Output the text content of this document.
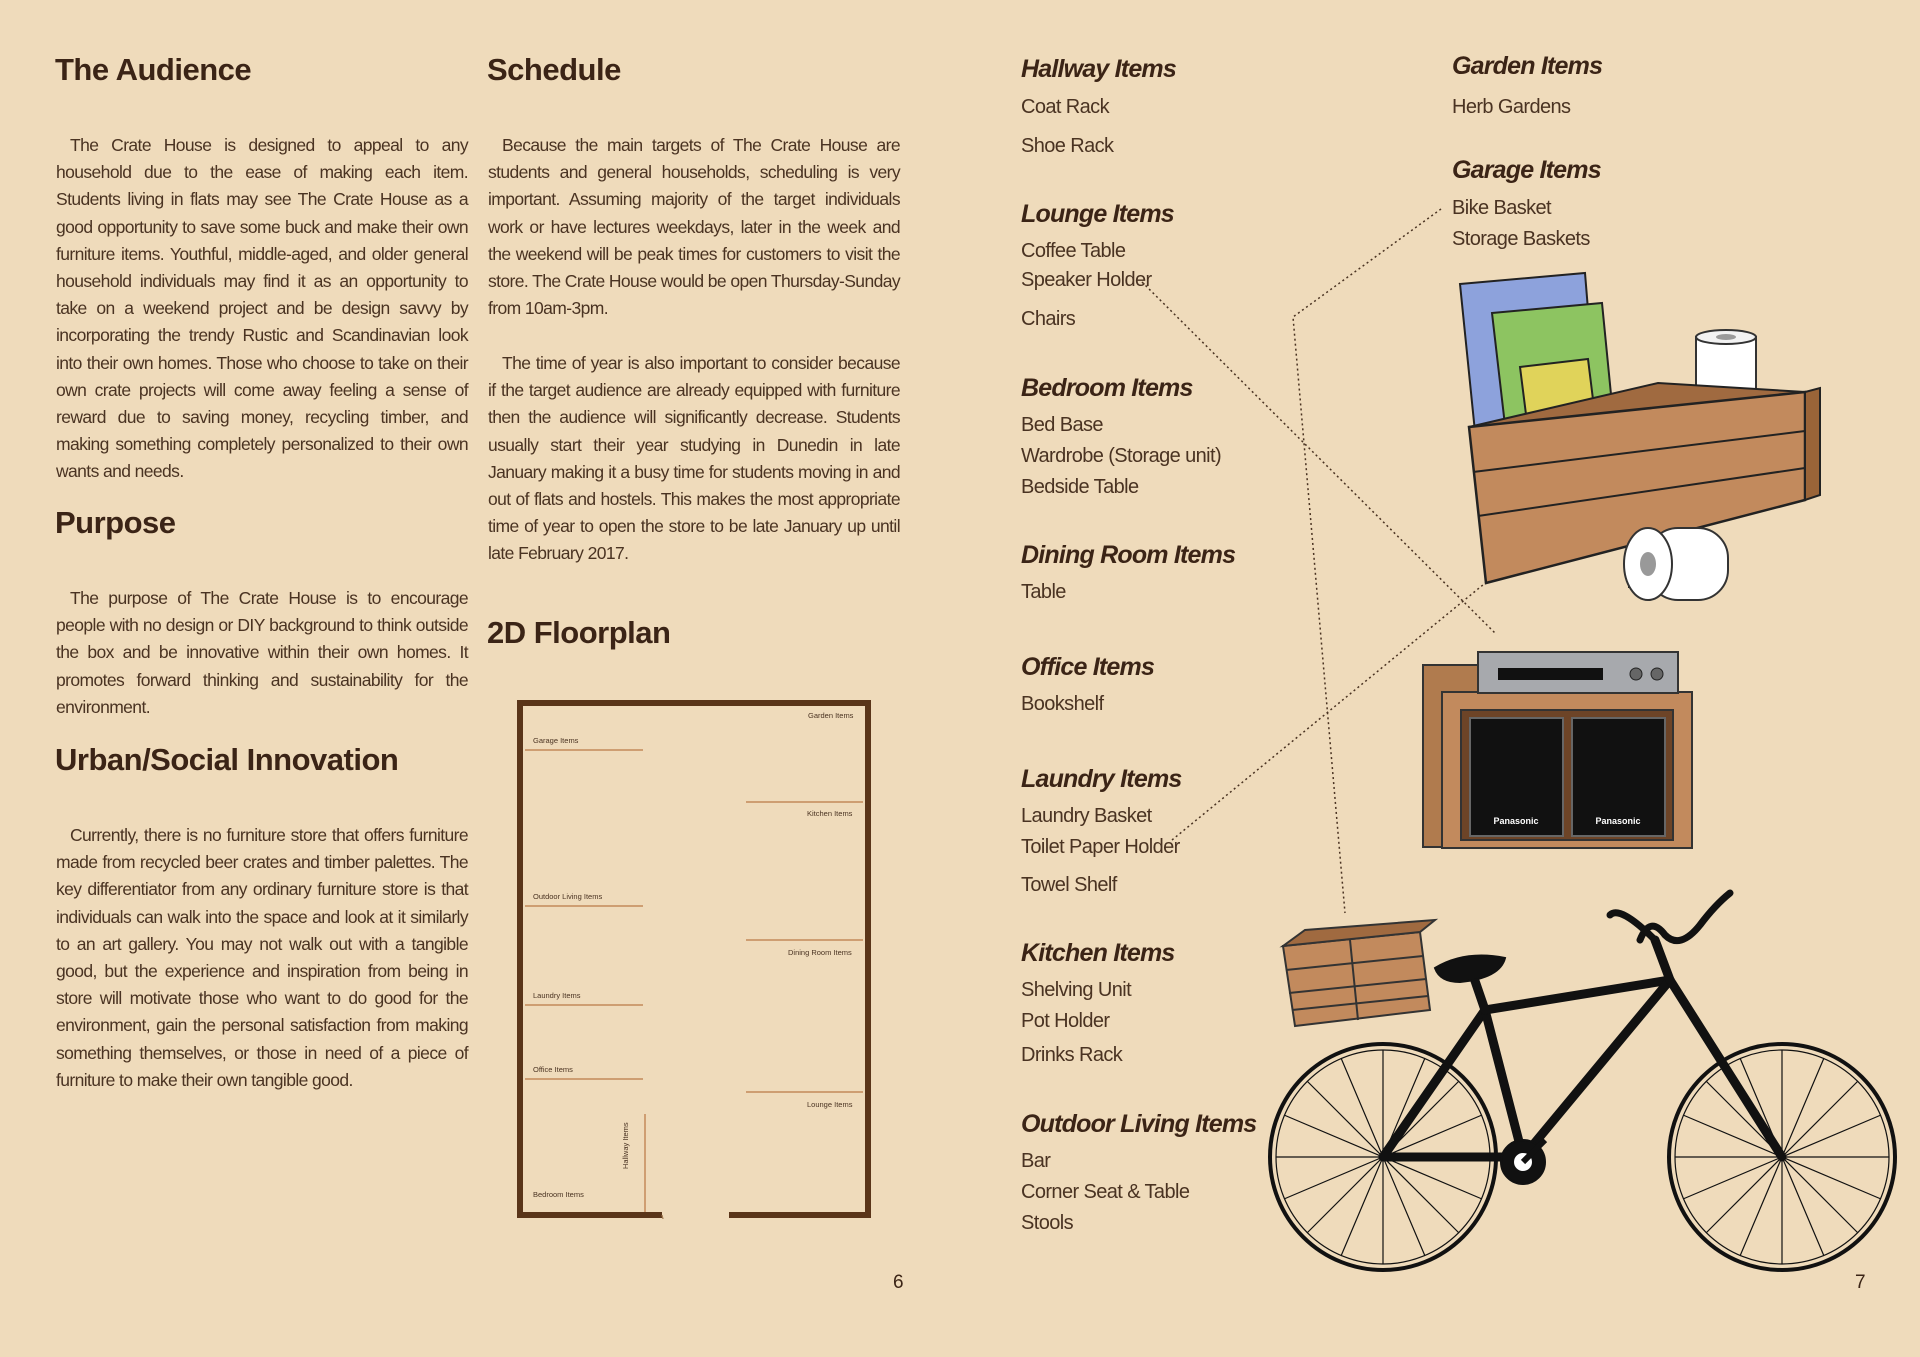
The Audience

The Crate House is designed to appeal to any household due to the ease of making each item. Students living in flats may see The Crate House as a good opportunity to save some buck and make their own furniture items. Youthful, middle-aged, and older general household individuals may find it as an opportunity to take on a weekend project and be design savvy by incorporating the trendy Rustic and Scandinavian look into their own homes. Those who choose to take on their own crate projects will come away feeling a sense of reward due to saving money, recycling timber, and making something completely personalized to their own wants and needs.

Purpose

The purpose of The Crate House is to encourage people with no design or DIY background to think outside the box and be innovative within their own homes. It promotes forward thinking and sustainability for the environment.

Urban/Social Innovation

Currently, there is no furniture store that offers furniture made from recycled beer crates and timber palettes. The key differentiator from any ordinary furniture store is that individuals can walk into the space and look at it similarly to an art gallery. You may not walk out with a tangible good, but the experience and inspiration from being in store will motivate those who want to do good for the environment, gain the personal satisfaction from making something themselves, or those in need of a piece of furniture to make their own tangible good.

Schedule

Because the main targets of The Crate House are students and general households, scheduling is very important. Assuming majority of the target individuals work or have lectures weekdays, later in the week and the weekend will be peak times for customers to visit the store. The Crate House would be open Thursday-Sunday from 10am-3pm.

The time of year is also important to consider because if the target audience are already equipped with furniture then the audience will significantly decrease. Students usually start their year studying in Dunedin in late January making it a busy time for students moving in and out of flats and hostels. This makes the most appropriate time of year to open the store to be late January up until late February 2017.

2D Floorplan
Garden Items
Garage Items
Kitchen Items
Outdoor Living Items
Dining Room Items
Laundry Items
Office Items
Lounge Items
Bedroom Items
Hallway Items
6
Panasonic	Panasonic
Hallway Items
Coat Rack
Shoe Rack
Lounge Items
Coffee Table
Speaker Holder
Chairs
Bedroom Items
Bed Base
Wardrobe (Storage unit)
Bedside Table
Dining Room Items
Table
Office Items
Bookshelf
Laundry Items
Laundry Basket
Toilet Paper Holder
Towel Shelf
Kitchen Items
Shelving Unit
Pot Holder
Drinks Rack
Outdoor Living Items
Bar
Corner Seat & Table
Stools
Garden Items
Herb Gardens
Garage Items
Bike Basket
Storage Baskets
7
